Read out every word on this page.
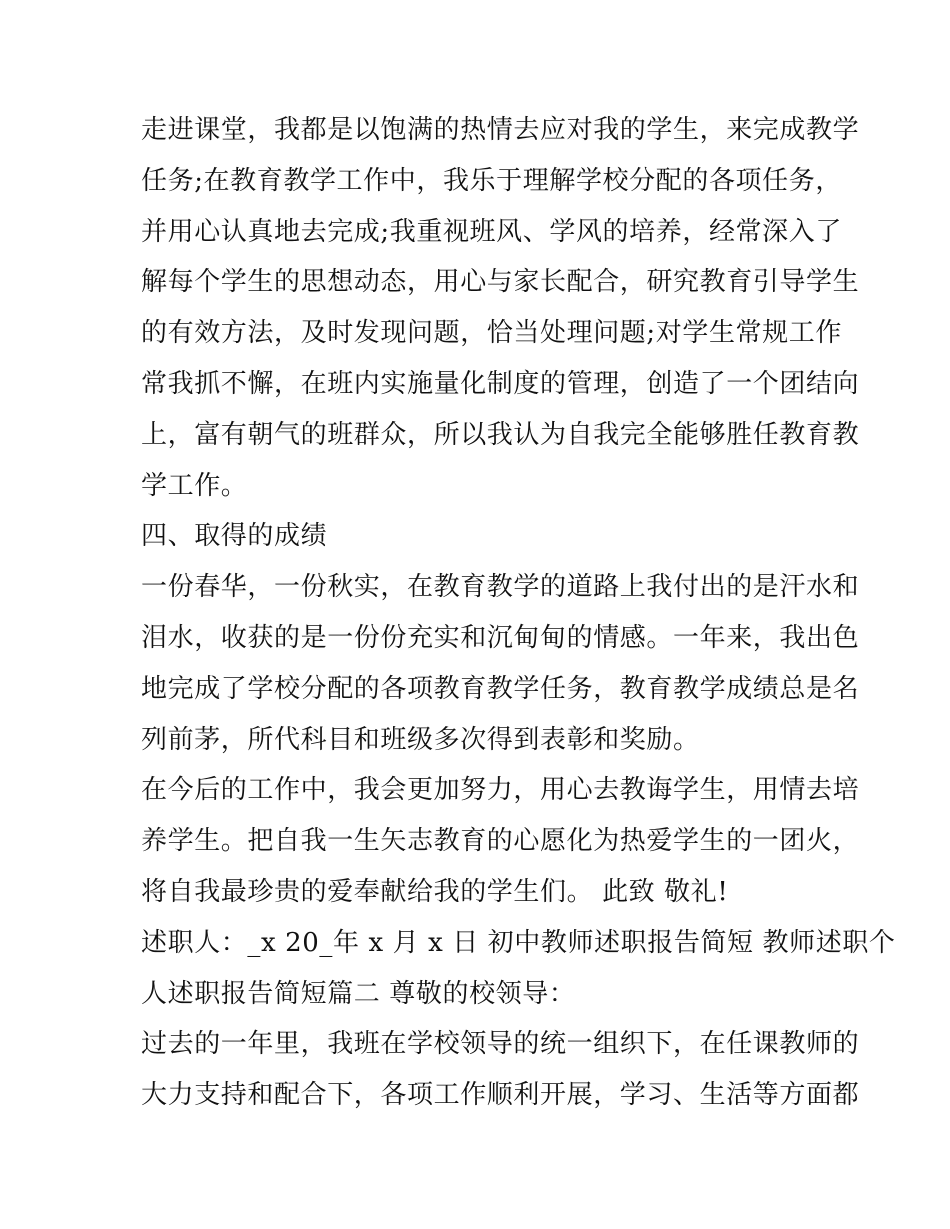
走进课堂，我都是以饱满的热情去应对我的学生，来完成教学
任务;在教育教学工作中，我乐于理解学校分配的各项任务，
并用心认真地去完成;我重视班风、学风的培养，经常深入了
解每个学生的思想动态，用心与家长配合，研究教育引导学生
的有效方法，及时发现问题，恰当处理问题;对学生常规工作
常我抓不懈，在班内实施量化制度的管理，创造了一个团结向
上，富有朝气的班群众，所以我认为自我完全能够胜任教育教
学工作。
四、取得的成绩
一份春华，一份秋实，在教育教学的道路上我付出的是汗水和
泪水，收获的是一份份充实和沉甸甸的情感。一年来，我出色
地完成了学校分配的各项教育教学任务，教育教学成绩总是名
列前茅，所代科目和班级多次得到表彰和奖励。
在今后的工作中，我会更加努力，用心去教诲学生，用情去培
养学生。把自我一生矢志教育的心愿化为热爱学生的一团火，
将自我最珍贵的爱奉献给我的学生们。 此致 敬礼!
述职人：_x 20_年 x 月 x 日 初中教师述职报告简短 教师述职个
人述职报告简短篇二 尊敬的校领导：
过去的一年里，我班在学校领导的统一组织下，在任课教师的
大力支持和配合下，各项工作顺利开展，学习、生活等方面都
